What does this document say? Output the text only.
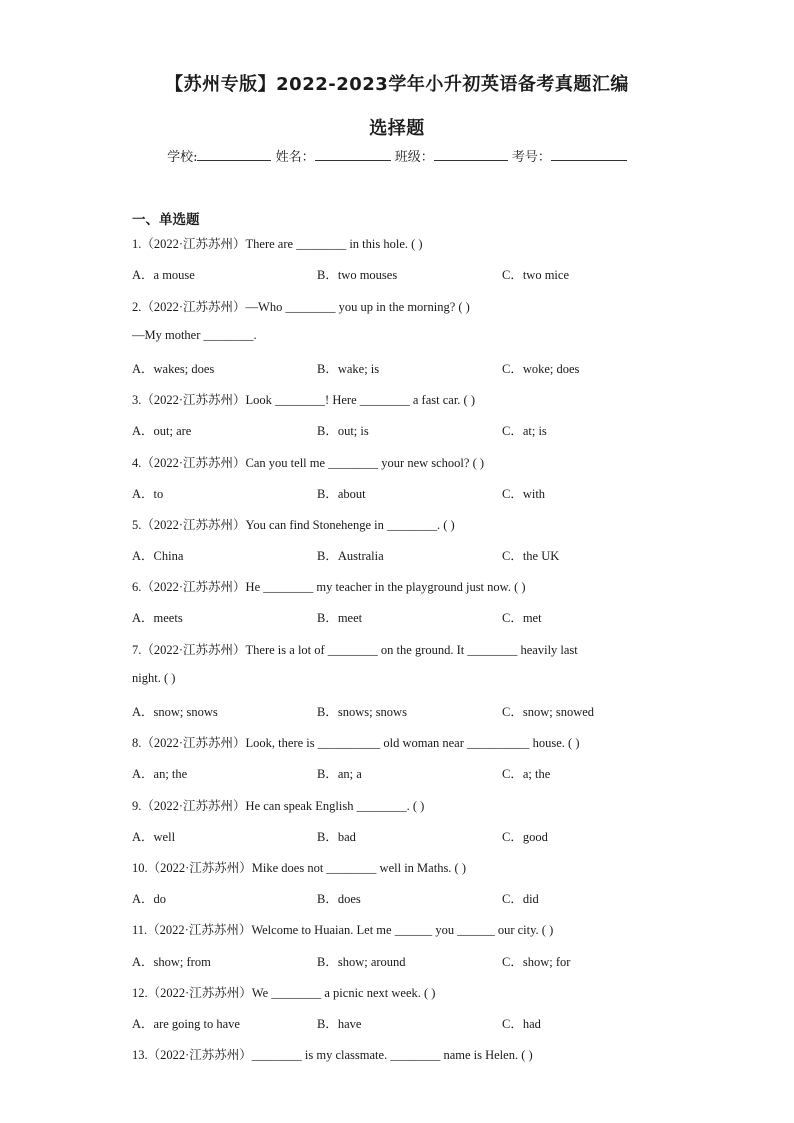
【苏州专版】2022-2023学年小升初英语备考真题汇编
选择题
学校:	姓名：	班级：	考号：
一、单选题
1.（2022·江苏苏州）There are ________ in this hole. ( )
A．a mouse	B．two mouses	C．two mice
2.（2022·江苏苏州）—Who ________ you up in the morning? ( )
—My mother ________.
A．wakes; does	B．wake; is	C．woke; does
3.（2022·江苏苏州）Look ________! Here ________ a fast car. ( )
A．out; are	B．out; is	C．at; is
4.（2022·江苏苏州）Can you tell me ________ your new school? ( )
A．to	B．about	C．with
5.（2022·江苏苏州）You can find Stonehenge in ________. ( )
A．China	B．Australia	C．the UK
6.（2022·江苏苏州）He ________ my teacher in the playground just now. ( )
A．meets	B．meet	C．met
7.（2022·江苏苏州）There is a lot of ________ on the ground. It ________ heavily last
night. ( )
A．snow; snows	B．snows; snows	C．snow; snowed
8.（2022·江苏苏州）Look, there is __________ old woman near __________ house. ( )
A．an; the	B．an; a	C．a; the
9.（2022·江苏苏州）He can speak English ________. ( )
A．well	B．bad	C．good
10.（2022·江苏苏州）Mike does not ________ well in Maths. ( )
A．do	B．does	C．did
11.（2022·江苏苏州）Welcome to Huaian. Let me ______ you ______ our city. ( )
A．show; from	B．show; around	C．show; for
12.（2022·江苏苏州）We ________ a picnic next week. ( )
A．are going to have	B．have	C．had
13.（2022·江苏苏州）________ is my classmate. ________ name is Helen. ( )
